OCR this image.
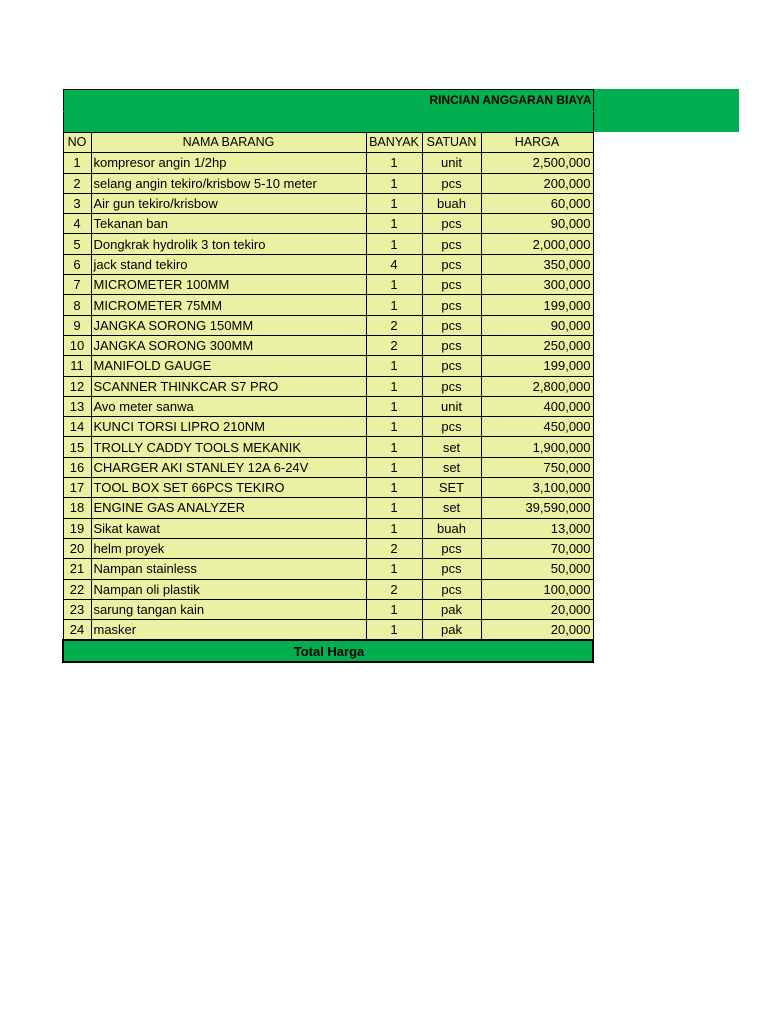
RINCIAN ANGGARAN BIAYA				

NO	NAMA BARANG	BANYAK	SATUAN	HARGA
1	kompresor angin 1/2hp	1	unit	2,500,000
2	selang angin tekiro/krisbow 5-10 meter	1	pcs	200,000
3	Air gun tekiro/krisbow	1	buah	60,000
4	Tekanan ban	1	pcs	90,000
5	Dongkrak hydrolik 3 ton tekiro	1	pcs	2,000,000
6	jack stand tekiro	4	pcs	350,000
7	MICROMETER 100MM	1	pcs	300,000
8	MICROMETER 75MM	1	pcs	199,000
9	JANGKA SORONG 150MM	2	pcs	90,000
10	JANGKA SORONG 300MM	2	pcs	250,000
11	MANIFOLD GAUGE	1	pcs	199,000
12	SCANNER THINKCAR S7 PRO	1	pcs	2,800,000
13	Avo meter sanwa	1	unit	400,000
14	KUNCI TORSI LIPRO 210NM	1	pcs	450,000
15	TROLLY CADDY TOOLS MEKANIK	1	set	1,900,000
16	CHARGER AKI STANLEY 12A 6-24V	1	set	750,000
17	TOOL BOX SET 66PCS TEKIRO	1	SET	3,100,000
18	ENGINE GAS ANALYZER	1	set	39,590,000
19	Sikat kawat	1	buah	13,000
20	helm proyek	2	pcs	70,000
21	Nampan stainless	1	pcs	50,000
22	Nampan oli plastik	2	pcs	100,000
23	sarung tangan kain	1	pak	20,000
24	masker	1	pak	20,000
Total Harga				
